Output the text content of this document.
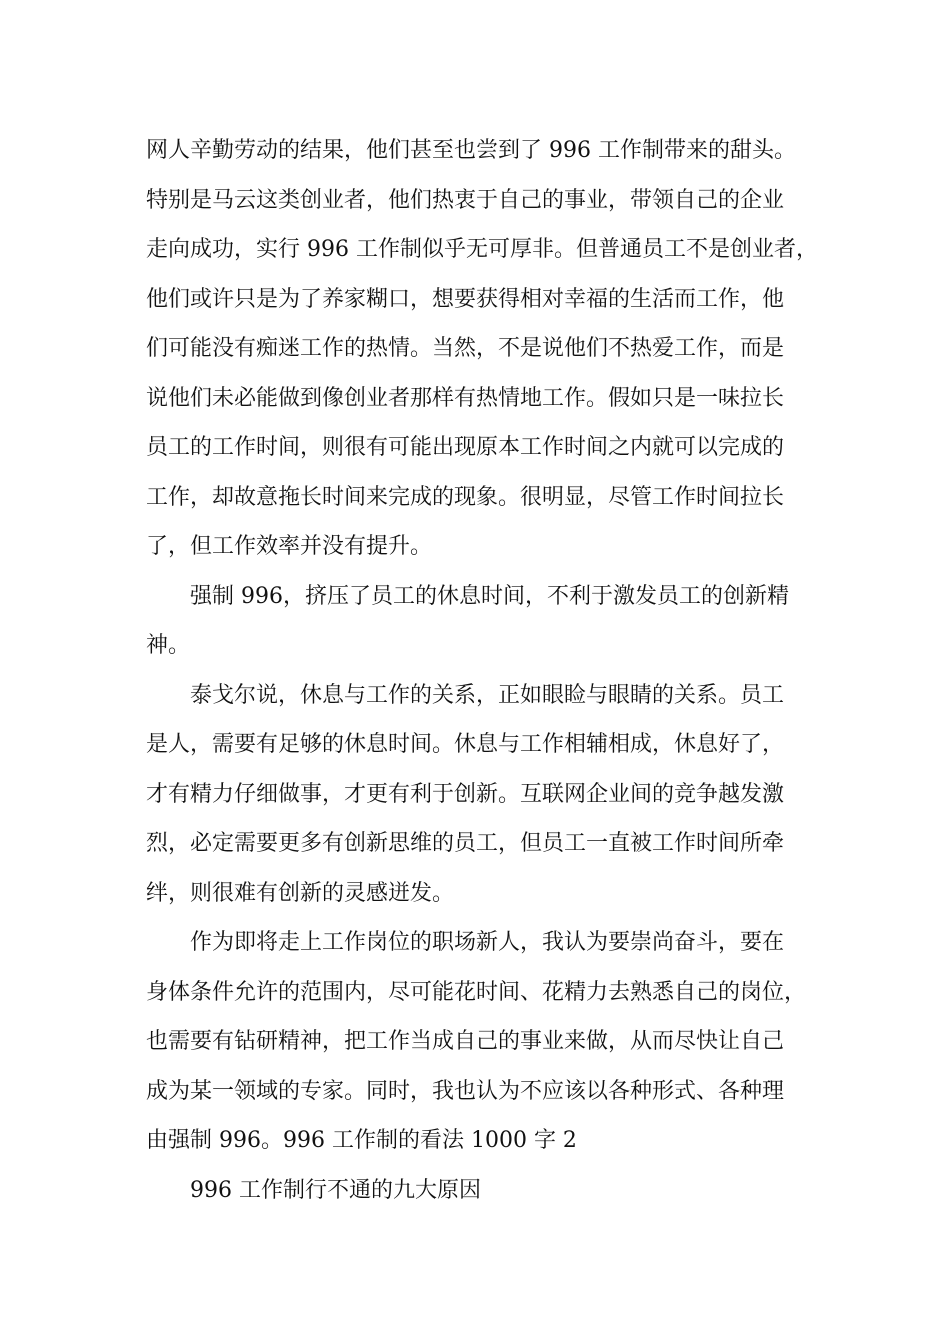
网人辛勤劳动的结果，他们甚至也尝到了 996 工作制带来的甜头。
特别是马云这类创业者，他们热衷于自己的事业，带领自己的企业
走向成功，实行 996 工作制似乎无可厚非。但普通员工不是创业者，
他们或许只是为了养家糊口，想要获得相对幸福的生活而工作，他
们可能没有痴迷工作的热情。当然，不是说他们不热爱工作，而是
说他们未必能做到像创业者那样有热情地工作。假如只是一味拉长
员工的工作时间，则很有可能出现原本工作时间之内就可以完成的
工作，却故意拖长时间来完成的现象。很明显，尽管工作时间拉长
了，但工作效率并没有提升。
强制 996，挤压了员工的休息时间，不利于激发员工的创新精
神。
泰戈尔说，休息与工作的关系，正如眼睑与眼睛的关系。员工
是人，需要有足够的休息时间。休息与工作相辅相成，休息好了，
才有精力仔细做事，才更有利于创新。互联网企业间的竞争越发激
烈，必定需要更多有创新思维的员工，但员工一直被工作时间所牵
绊，则很难有创新的灵感迸发。
作为即将走上工作岗位的职场新人，我认为要崇尚奋斗，要在
身体条件允许的范围内，尽可能花时间、花精力去熟悉自己的岗位，
也需要有钻研精神，把工作当成自己的事业来做，从而尽快让自己
成为某一领域的专家。同时，我也认为不应该以各种形式、各种理
由强制 996。996 工作制的看法 1000 字 2
996 工作制行不通的九大原因
